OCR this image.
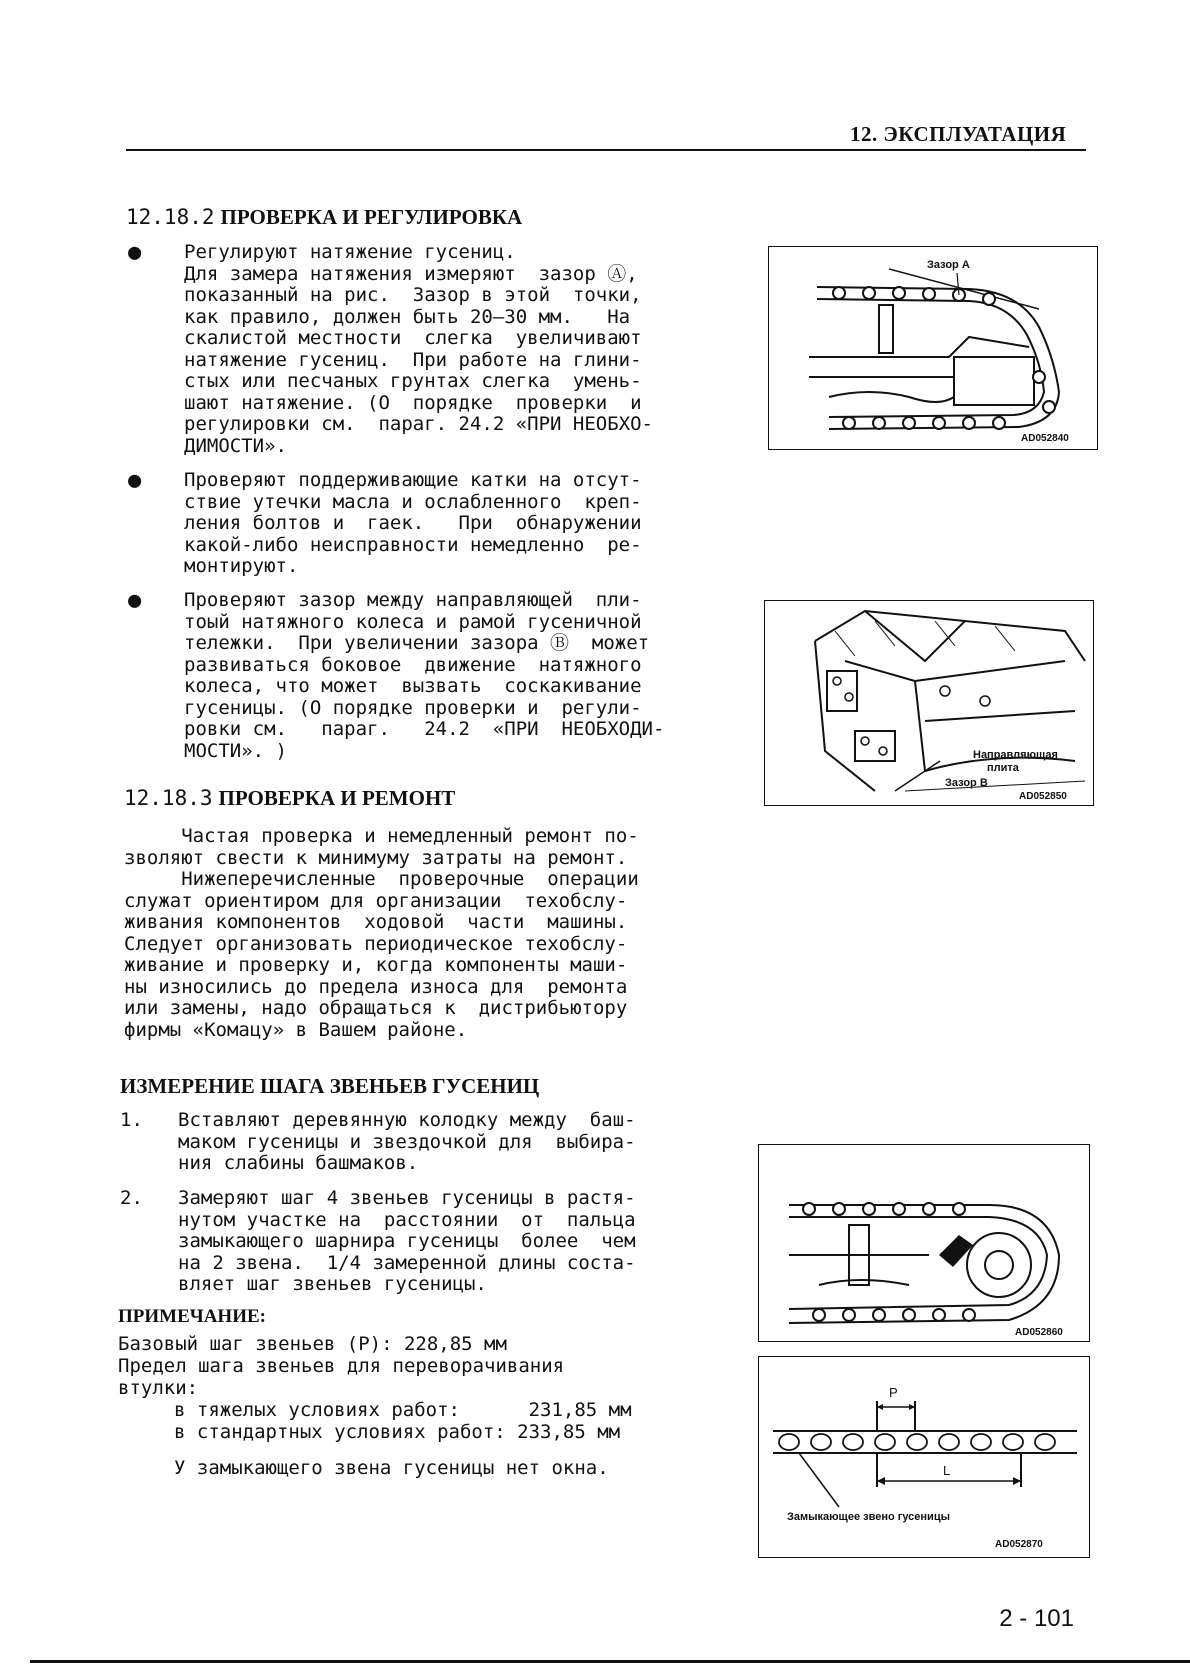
12. ЭКСПЛУАТАЦИЯ
12.18.2 ПРОВЕРКА И РЕГУЛИРОВКА
● Регулируют натяжение гусениц.
Для замера натяжения измеряют  зазор Ⓐ,
показанный на рис.  Зазор в этой  точки,
как правило, должен быть 20—30 мм.   На
скалистой местности  слегка  увеличивают
натяжение гусениц.  При работе на глини-
стых или песчаных грунтах слегка  умень-
шают натяжение. (О  порядке  проверки  и
регулировки см.  параг. 24.2 «ПРИ НЕОБХО-
ДИМОСТИ».
● Проверяют поддерживающие катки на отсут-
ствие утечки масла и ослабленного  креп-
ления болтов и  гаек.   При  обнаружении
какой-либо неисправности немедленно  ре-
монтируют.
● Проверяют зазор между направляющей  пли-
тоый натяжного колеса и рамой гусеничной
тележки.  При увеличении зазора Ⓑ  может
развиваться боковое  движение  натяжного
колеса, что может  вызвать  соскакивание
гусеницы. (О порядке проверки и  регули-
ровки см.   параг.   24.2  «ПРИ  НЕОБХОДИ-
МОСТИ». )
12.18.3 ПРОВЕРКА И РЕМОНТ
Частая проверка и немедленный ремонт по-
зволяют свести к минимуму затраты на ремонт.
Нижеперечисленные  проверочные  операции
служат ориентиром для организации  техобслу-
живания компонентов  ходовой  части  машины.
Следует организовать периодическое техобслу-
живание и проверку и, когда компоненты маши-
ны износились до предела износа для  ремонта
или замены, надо обращаться к  дистрибьютору
фирмы «Комацу» в Вашем районе.
ИЗМЕРЕНИЕ ШАГА ЗВЕНЬЕВ ГУСЕНИЦ
1. Вставляют деревянную колодку между  баш-
маком гусеницы и звездочкой для  выбира-
ния слабины башмаков.
2. Замеряют шаг 4 звеньев гусеницы в растя-
нутом участке на  расстоянии  от  пальца
замыкающего шарнира гусеницы  более  чем
на 2 звена.  1/4 замеренной длины соста-
вляет шаг звеньев гусеницы.
ПРИМЕЧАНИЕ:
Базовый шаг звеньев (Р): 228,85 мм
Предел шага звеньев для переворачивания
втулки:
в тяжелых условиях работ:      231,85 мм
в стандартных условиях работ: 233,85 мм
У замыкающего звена гусеницы нет окна.
Зазор A
AD052840
Направляющая
плита
Зазор B
AD052850
AD052860
P
L
Замыкающее звено гусеницы
AD052870
2 - 101
